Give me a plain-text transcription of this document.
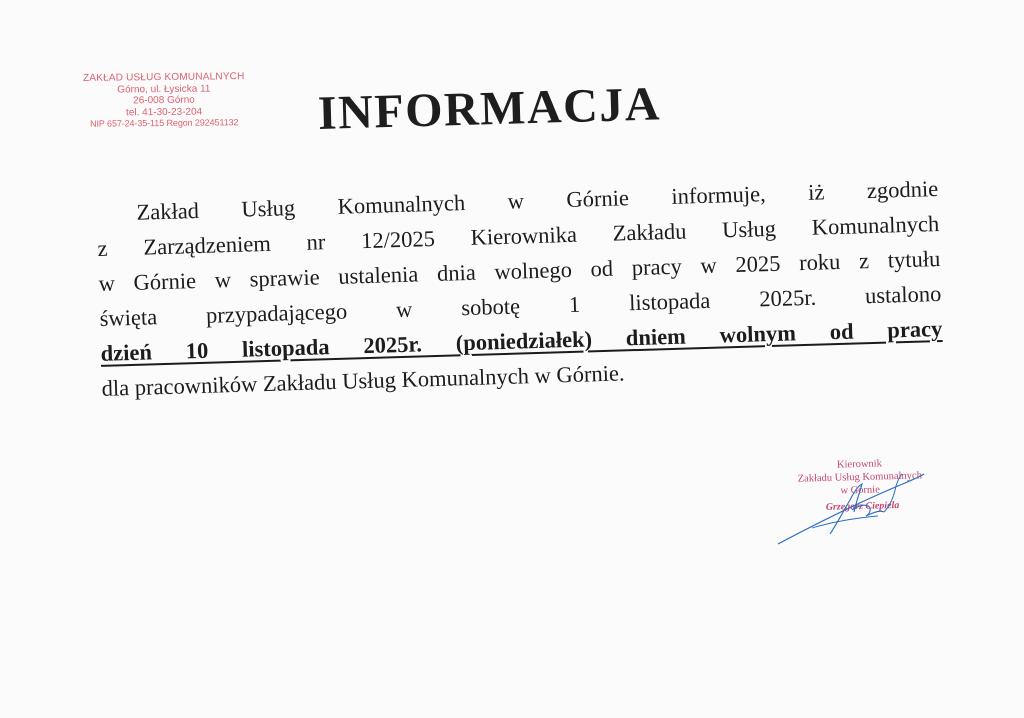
ZAKŁAD USŁUG KOMUNALNYCH
Górno, ul. Łysicka 11
26-008 Górno
tel. 41-30-23-204
NIP 657-24-35-115 Regon 292451132 INFORMACJA
Zakład Usług Komunalnych w Górnie informuje, iż zgodnie
z Zarządzeniem nr 12/2025 Kierownika Zakładu Usług Komunalnych
w Górnie w sprawie ustalenia dnia wolnego od pracy w 2025 roku z tytułu
święta przypadającego w sobotę 1 listopada 2025r. ustalono
dzień 10 listopada 2025r. (poniedziałek) dniem wolnym od pracy
dla pracowników Zakładu Usług Komunalnych w Górnie.
Kierownik
Zakładu Usług Komunalnych
w Górnie
Grzegorz Ciepiela
